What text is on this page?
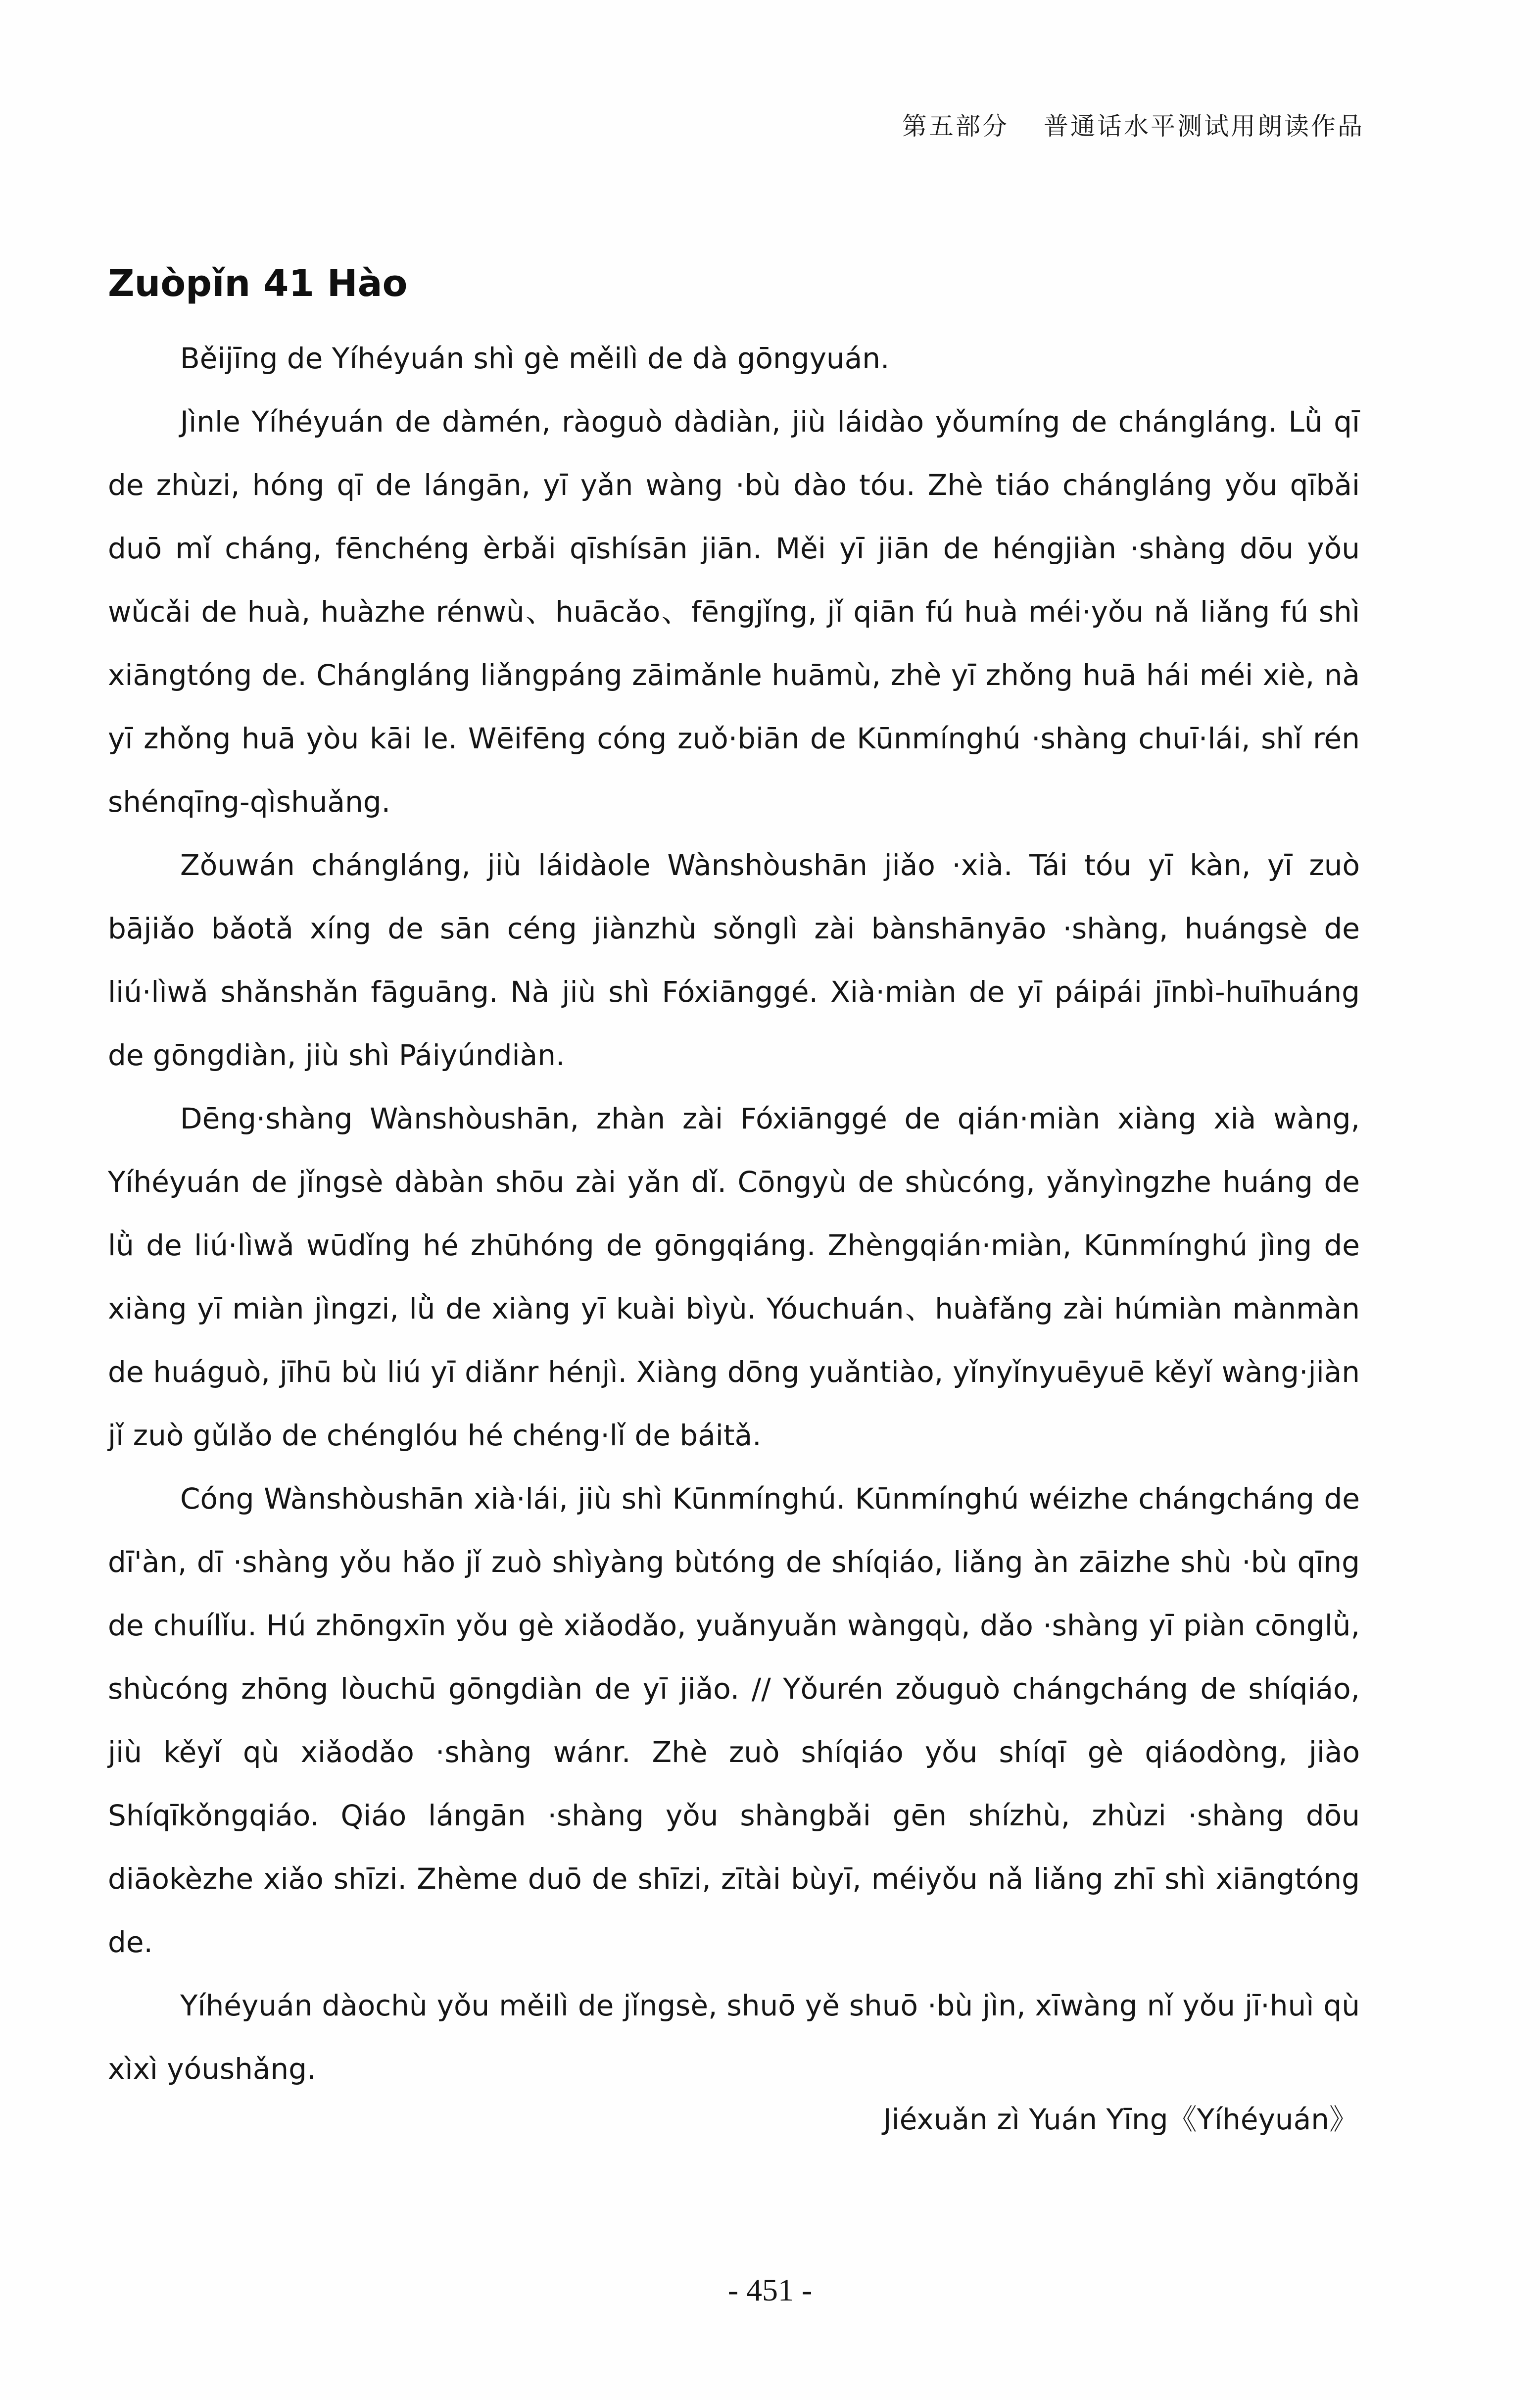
第五部分 普通话水平测试用朗读作品
Zuòpǐn 41 Hào

Běijīng de Yíhéyuán shì gè měilì de dà gōngyuán.

Jìnle Yíhéyuán de dàmén, ràoguò dàdiàn, jiù láidào yǒumíng de chángláng. Lǜ qī de zhùzi, hóng qī de lángān, yī yǎn wàng ·bù dào tóu. Zhè tiáo chángláng yǒu qībǎi duō mǐ cháng, fēnchéng èrbǎi qīshísān jiān. Měi yī jiān de héngjiàn ·shàng dōu yǒu wǔcǎi de huà, huàzhe rénwù、huācǎo、fēngjǐng, jǐ qiān fú huà méi·yǒu nǎ liǎng fú shì xiāngtóng de. Chángláng liǎngpáng zāimǎnle huāmù, zhè yī zhǒng huā hái méi xiè, nà yī zhǒng huā yòu kāi le. Wēifēng cóng zuǒ·biān de Kūnmínghú ·shàng chuī·lái, shǐ rén shénqīng-qìshuǎng.

Zǒuwán chángláng, jiù láidàole Wànshòushān jiǎo ·xià. Tái tóu yī kàn, yī zuò bājiǎo bǎotǎ xíng de sān céng jiànzhù sǒnglì zài bànshānyāo ·shàng, huángsè de liú·lìwǎ shǎnshǎn fāguāng. Nà jiù shì Fóxiānggé. Xià·miàn de yī páipái jīnbì-huīhuáng de gōngdiàn, jiù shì Páiyúndiàn.

Dēng·shàng Wànshòushān, zhàn zài Fóxiānggé de qián·miàn xiàng xià wàng, Yíhéyuán de jǐngsè dàbàn shōu zài yǎn dǐ. Cōngyù de shùcóng, yǎnyìngzhe huáng de lǜ de liú·lìwǎ wūdǐng hé zhūhóng de gōngqiáng. Zhèngqián·miàn, Kūnmínghú jìng de xiàng yī miàn jìngzi, lǜ de xiàng yī kuài bìyù. Yóuchuán、huàfǎng zài húmiàn mànmàn de huáguò, jīhū bù liú yī diǎnr hénjì. Xiàng dōng yuǎntiào, yǐnyǐnyuēyuē kěyǐ wàng·jiàn jǐ zuò gǔlǎo de chénglóu hé chéng·lǐ de báitǎ.

Cóng Wànshòushān xià·lái, jiù shì Kūnmínghú. Kūnmínghú wéizhe chángcháng de dī'àn, dī ·shàng yǒu hǎo jǐ zuò shìyàng bùtóng de shíqiáo, liǎng àn zāizhe shù ·bù qīng de chuílǐu. Hú zhōngxīn yǒu gè xiǎodǎo, yuǎnyuǎn wàngqù, dǎo ·shàng yī piàn cōnglǜ, shùcóng zhōng lòuchū gōngdiàn de yī jiǎo. // Yǒurén zǒuguò chángcháng de shíqiáo, jiù kěyǐ qù xiǎodǎo ·shàng wánr. Zhè zuò shíqiáo yǒu shíqī gè qiáodòng, jiào Shíqīkǒngqiáo. Qiáo lángān ·shàng yǒu shàngbǎi gēn shízhù, zhùzi ·shàng dōu diāokèzhe xiǎo shīzi. Zhème duō de shīzi, zītài bùyī, méiyǒu nǎ liǎng zhī shì xiāngtóng de.

Yíhéyuán dàochù yǒu měilì de jǐngsè, shuō yě shuō ·bù jìn, xīwàng nǐ yǒu jī·huì qù xìxì yóushǎng.

Jiéxuǎn zì Yuán Yīng《Yíhéyuán》
- 451 -
